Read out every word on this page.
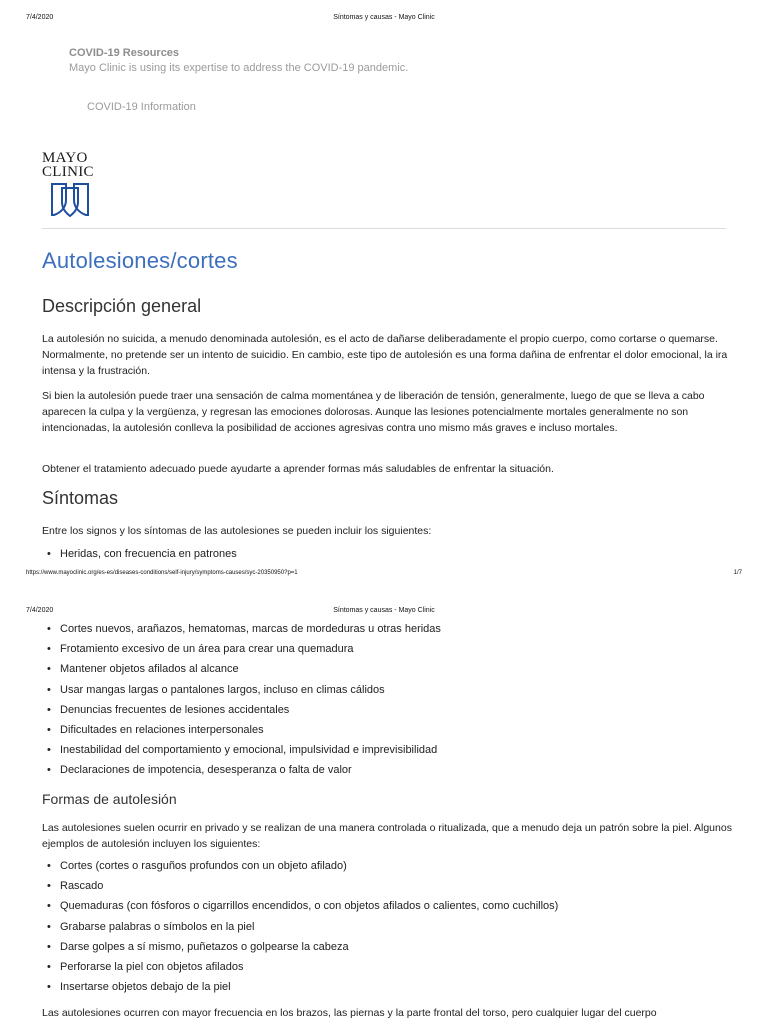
7/4/2020	Síntomas y causas - Mayo Clinic
COVID-19 Resources
Mayo Clinic is using its expertise to address the COVID-19 pandemic.
COVID-19 Information
MAYO
CLINIC
Autolesiones/cortes
Descripción general

La autolesión no suicida, a menudo denominada autolesión, es el acto de dañarse deliberadamente el propio cuerpo, como cortarse o quemarse. Normalmente, no pretende ser un intento de suicidio. En cambio, este tipo de autolesión es una forma dañina de enfrentar el dolor emocional, la ira intensa y la frustración.

Si bien la autolesión puede traer una sensación de calma momentánea y de liberación de tensión, generalmente, luego de que se lleva a cabo aparecen la culpa y la vergüenza, y regresan las emociones dolorosas. Aunque las lesiones potencialmente mortales generalmente no son intencionadas, la autolesión conlleva la posibilidad de acciones agresivas contra uno mismo más graves e incluso mortales.

Obtener el tratamiento adecuado puede ayudarte a aprender formas más saludables de enfrentar la situación.

Síntomas

Entre los signos y los síntomas de las autolesiones se pueden incluir los siguientes:

• Heridas, con frecuencia en patrones
https://www.mayoclinic.org/es-es/diseases-conditions/self-injury/symptoms-causes/syc-20350950?p=1	1/7
7/4/2020	Síntomas y causas - Mayo Clinic
• Cortes nuevos, arañazos, hematomas, marcas de mordeduras u otras heridas
• Frotamiento excesivo de un área para crear una quemadura
• Mantener objetos afilados al alcance
• Usar mangas largas o pantalones largos, incluso en climas cálidos
• Denuncias frecuentes de lesiones accidentales
• Dificultades en relaciones interpersonales
• Inestabilidad del comportamiento y emocional, impulsividad e imprevisibilidad
• Declaraciones de impotencia, desesperanza o falta de valor
Formas de autolesión

Las autolesiones suelen ocurrir en privado y se realizan de una manera controlada o ritualizada, que a menudo deja un patrón sobre la piel. Algunos ejemplos de autolesión incluyen los siguientes:

• Cortes (cortes o rasguños profundos con un objeto afilado)
• Rascado
• Quemaduras (con fósforos o cigarrillos encendidos, o con objetos afilados o calientes, como cuchillos)
• Grabarse palabras o símbolos en la piel
• Darse golpes a sí mismo, puñetazos o golpearse la cabeza
• Perforarse la piel con objetos afilados
• Insertarse objetos debajo de la piel

Las autolesiones ocurren con mayor frecuencia en los brazos, las piernas y la parte frontal del torso, pero cualquier lugar del cuerpo
